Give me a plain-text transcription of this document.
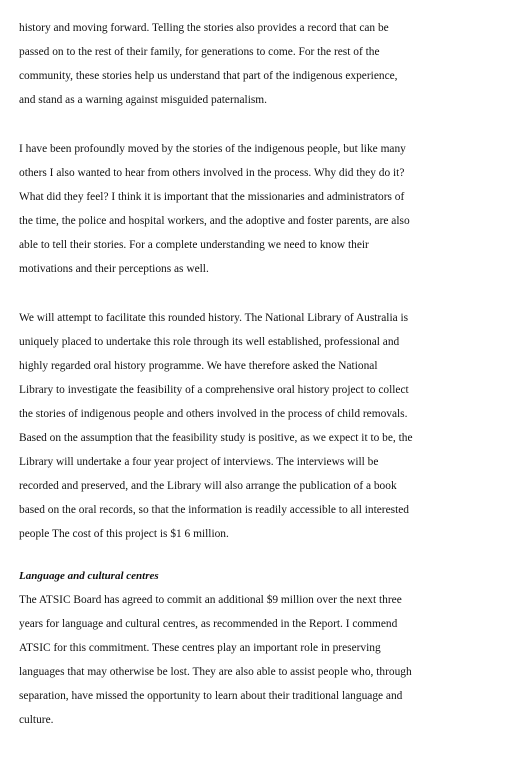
history and moving forward. Telling the stories also provides a record that can be
passed on to the rest of their family, for generations to come. For the rest of the
community, these stories help us understand that part of the indigenous experience,
and stand as a warning against misguided paternalism.
I have been profoundly moved by the stories of the indigenous people, but like many
others I also wanted to hear from others involved in the process. Why did they do it?
What did they feel? I think it is important that the missionaries and administrators of
the time, the police and hospital workers, and the adoptive and foster parents, are also
able to tell their stories. For a complete understanding we need to know their
motivations and their perceptions as well.
We will attempt to facilitate this rounded history. The National Library of Australia is
uniquely placed to undertake this role through its well established, professional and
highly regarded oral history programme. We have therefore asked the National
Library to investigate the feasibility of a comprehensive oral history project to collect
the stories of indigenous people and others involved in the process of child removals.
Based on the assumption that the feasibility study is positive, as we expect it to be, the
Library will undertake a four year project of interviews. The interviews will be
recorded and preserved, and the Library will also arrange the publication of a book
based on the oral records, so that the information is readily accessible to all interested
people The cost of this project is $1 6 million.
Language and cultural centres
The ATSIC Board has agreed to commit an additional $9 million over the next three
years for language and cultural centres, as recommended in the Report. I commend
ATSIC for this commitment. These centres play an important role in preserving
languages that may otherwise be lost. They are also able to assist people who, through
separation, have missed the opportunity to learn about their traditional language and
culture.
